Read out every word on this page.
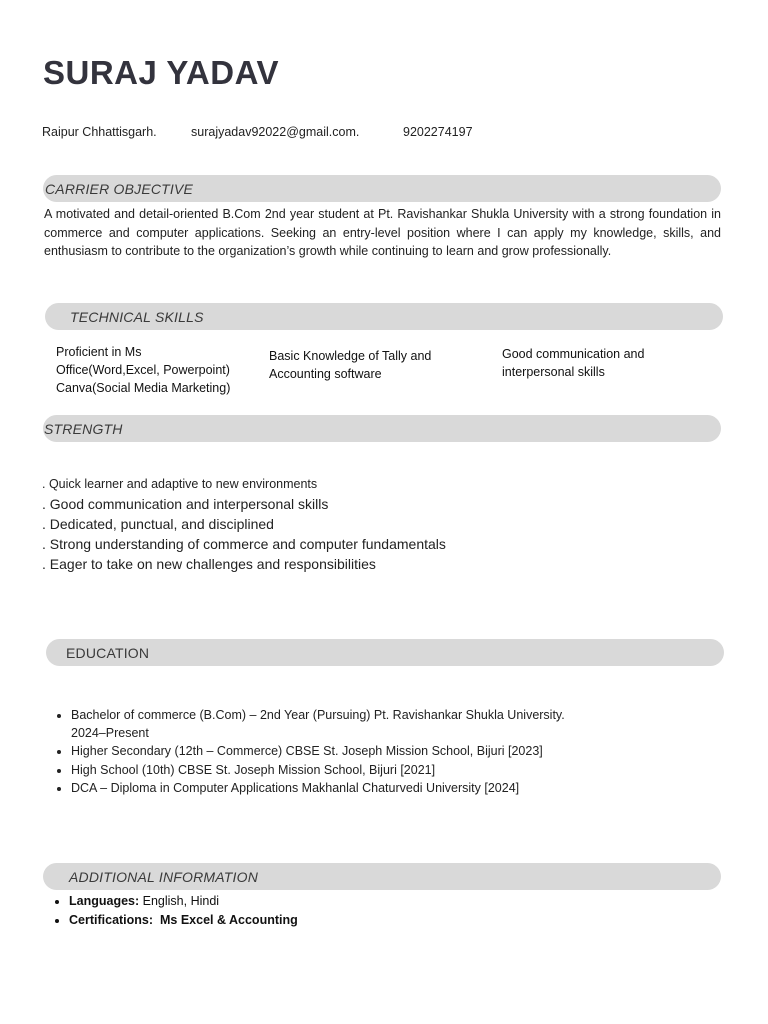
SURAJ YADAV
Raipur Chhattisgarh.	surajyadav92022@gmail.com.	9202274197
CARRIER OBJECTIVE

A motivated and detail-oriented B.Com 2nd year student at Pt. Ravishankar Shukla University with a strong foundation in commerce and computer applications. Seeking an entry-level position where I can apply my knowledge, skills, and enthusiasm to contribute to the organization’s growth while continuing to learn and grow professionally.

TECHNICAL SKILLS
Proficient in Ms
Office(Word,Excel, Powerpoint)
Canva(Social Media Marketing)
Basic Knowledge of Tally and
Accounting software
Good communication and
interpersonal skills
STRENGTH
. Quick learner and adaptive to new environments
. Good communication and interpersonal skills
. Dedicated, punctual, and disciplined
. Strong understanding of commerce and computer fundamentals
. Eager to take on new challenges and responsibilities
EDUCATION
• Bachelor of commerce (B.Com) – 2nd Year (Pursuing) Pt. Ravishankar Shukla University.
2024–Present
• Higher Secondary (12th – Commerce) CBSE St. Joseph Mission School, Bijuri [2023]
• High School (10th) CBSE St. Joseph Mission School, Bijuri [2021]
• DCA – Diploma in Computer Applications Makhanlal Chaturvedi University [2024]
ADDITIONAL INFORMATION
• Languages: English, Hindi
• Certifications:  Ms Excel & Accounting
